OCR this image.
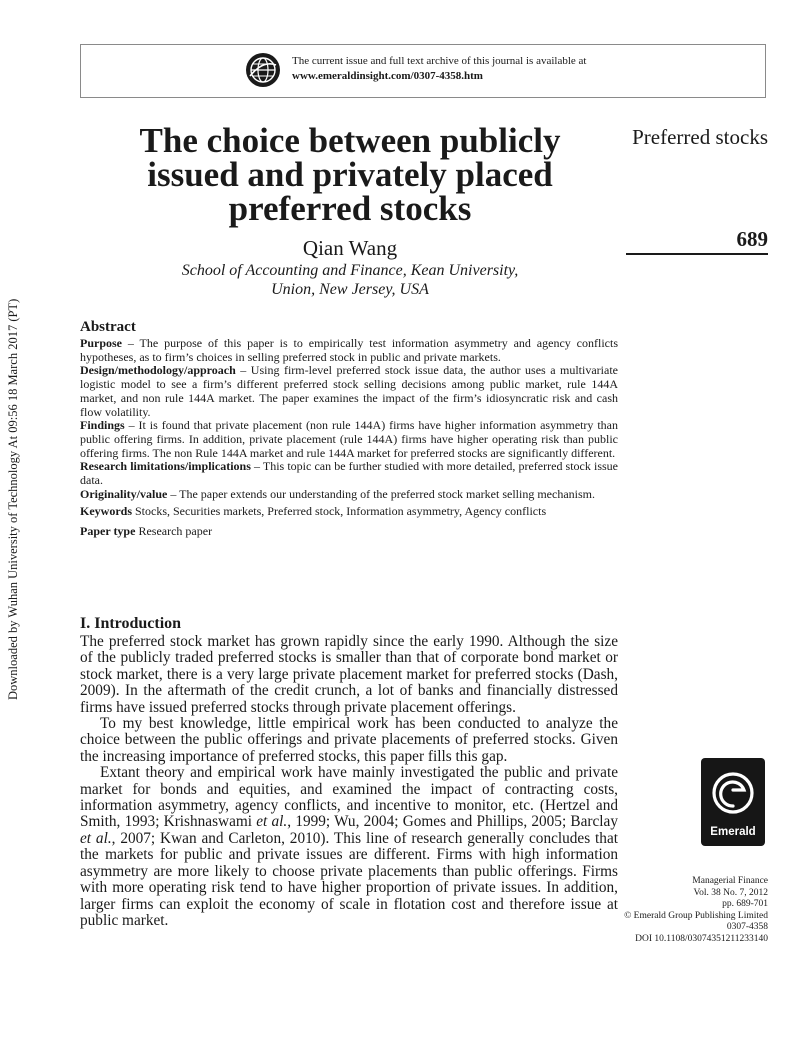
The current issue and full text archive of this journal is available at
www.emeraldinsight.com/0307-4358.htm
The choice between publicly
issued and privately placed
preferred stocks
Qian Wang
School of Accounting and Finance, Kean University,
Union, New Jersey, USA
Preferred stocks
689
Downloaded by Wuhan University of Technology At 09:56 18 March 2017 (PT)	Abstract

Purpose – The purpose of this paper is to empirically test information asymmetry and agency conflicts hypotheses, as to firm’s choices in selling preferred stock in public and private markets.

Design/methodology/approach – Using firm-level preferred stock issue data, the author uses a multivariate logistic model to see a firm’s different preferred stock selling decisions among public market, rule 144A market, and non rule 144A market. The paper examines the impact of the firm’s idiosyncratic risk and cash flow volatility.

Findings – It is found that private placement (non rule 144A) firms have higher information asymmetry than public offering firms. In addition, private placement (rule 144A) firms have higher operating risk than public offering firms. The non Rule 144A market and rule 144A market for preferred stocks are significantly different.

Research limitations/implications – This topic can be further studied with more detailed, preferred stock issue data.

Originality/value – The paper extends our understanding of the preferred stock market selling mechanism.

Keywords Stocks, Securities markets, Preferred stock, Information asymmetry, Agency conflicts

Paper type Research paper

I. Introduction

The preferred stock market has grown rapidly since the early 1990. Although the size of the publicly traded preferred stocks is smaller than that of corporate bond market or stock market, there is a very large private placement market for preferred stocks (Dash, 2009). In the aftermath of the credit crunch, a lot of banks and financially distressed firms have issued preferred stocks through private placement offerings.

To my best knowledge, little empirical work has been conducted to analyze the choice between the public offerings and private placements of preferred stocks. Given the increasing importance of preferred stocks, this paper fills this gap.

Extant theory and empirical work have mainly investigated the public and private market for bonds and equities, and examined the impact of contracting costs, information asymmetry, agency conflicts, and incentive to monitor, etc. (Hertzel and Smith, 1993; Krishnaswami et al., 1999; Wu, 2004; Gomes and Phillips, 2005; Barclay et al., 2007; Kwan and Carleton, 2010). This line of research generally concludes that the markets for public and private issues are different. Firms with high information asymmetry are more likely to choose private placements than public offerings. Firms with more operating risk tend to have higher proportion of private issues. In addition, larger firms can exploit the economy of scale in flotation cost and therefore issue at public market.

Emerald
Managerial Finance
Vol. 38 No. 7, 2012
pp. 689-701
© Emerald Group Publishing Limited
0307-4358
DOI 10.1108/03074351211233140
